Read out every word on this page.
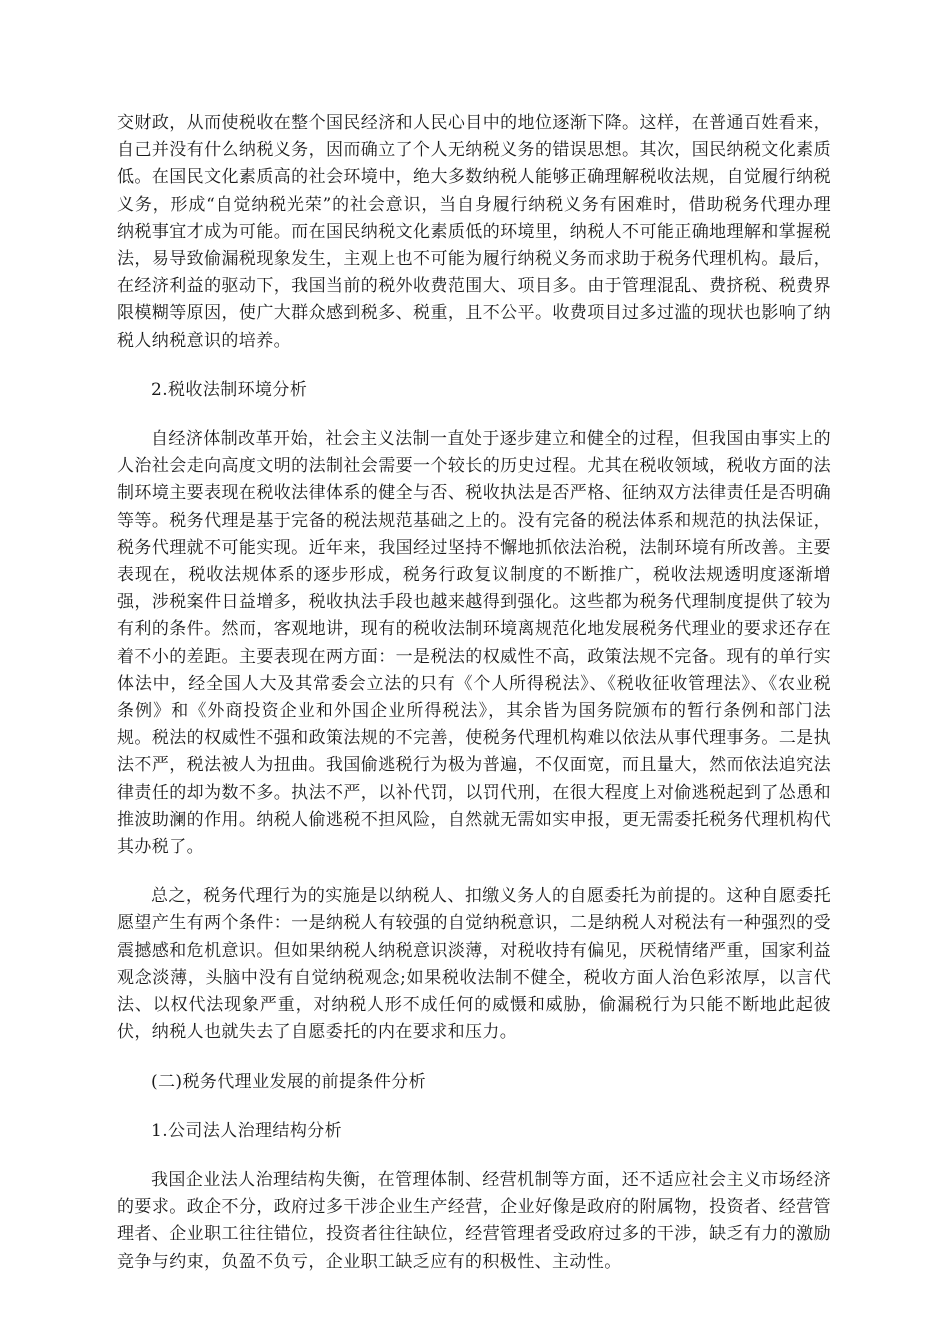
交财政，从而使税收在整个国民经济和人民心目中的地位逐渐下降。这样，在普通百姓看来，自己并没有什么纳税义务，因而确立了个人无纳税义务的错误思想。其次，国民纳税文化素质低。在国民文化素质高的社会环境中，绝大多数纳税人能够正确理解税收法规，自觉履行纳税义务，形成“自觉纳税光荣”的社会意识，当自身履行纳税义务有困难时，借助税务代理办理纳税事宜才成为可能。而在国民纳税文化素质低的环境里，纳税人不可能正确地理解和掌握税法，易导致偷漏税现象发生，主观上也不可能为履行纳税义务而求助于税务代理机构。最后，在经济利益的驱动下，我国当前的税外收费范围大、项目多。由于管理混乱、费挤税、税费界限模糊等原因，使广大群众感到税多、税重，且不公平。收费项目过多过滥的现状也影响了纳税人纳税意识的培养。

2.税收法制环境分析

自经济体制改革开始，社会主义法制一直处于逐步建立和健全的过程，但我国由事实上的人治社会走向高度文明的法制社会需要一个较长的历史过程。尤其在税收领域，税收方面的法制环境主要表现在税收法律体系的健全与否、税收执法是否严格、征纳双方法律责任是否明确等等。税务代理是基于完备的税法规范基础之上的。没有完备的税法体系和规范的执法保证，税务代理就不可能实现。近年来，我国经过坚持不懈地抓依法治税，法制环境有所改善。主要表现在，税收法规体系的逐步形成，税务行政复议制度的不断推广，税收法规透明度逐渐增强，涉税案件日益增多，税收执法手段也越来越得到强化。这些都为税务代理制度提供了较为有利的条件。然而，客观地讲，现有的税收法制环境离规范化地发展税务代理业的要求还存在着不小的差距。主要表现在两方面：一是税法的权威性不高，政策法规不完备。现有的单行实体法中，经全国人大及其常委会立法的只有《个人所得税法》、《税收征收管理法》、《农业税条例》和《外商投资企业和外国企业所得税法》，其余皆为国务院颁布的暂行条例和部门法规。税法的权威性不强和政策法规的不完善，使税务代理机构难以依法从事代理事务。二是执法不严，税法被人为扭曲。我国偷逃税行为极为普遍，不仅面宽，而且量大，然而依法追究法律责任的却为数不多。执法不严，以补代罚，以罚代刑，在很大程度上对偷逃税起到了怂恿和推波助澜的作用。纳税人偷逃税不担风险，自然就无需如实申报，更无需委托税务代理机构代其办税了。

总之，税务代理行为的实施是以纳税人、扣缴义务人的自愿委托为前提的。这种自愿委托愿望产生有两个条件：一是纳税人有较强的自觉纳税意识，二是纳税人对税法有一种强烈的受震撼感和危机意识。但如果纳税人纳税意识淡薄，对税收持有偏见，厌税情绪严重，国家利益观念淡薄，头脑中没有自觉纳税观念;如果税收法制不健全，税收方面人治色彩浓厚，以言代法、以权代法现象严重，对纳税人形不成任何的威慑和威胁，偷漏税行为只能不断地此起彼伏，纳税人也就失去了自愿委托的内在要求和压力。

(二)税务代理业发展的前提条件分析

1.公司法人治理结构分析

我国企业法人治理结构失衡，在管理体制、经营机制等方面，还不适应社会主义市场经济的要求。政企不分，政府过多干涉企业生产经营，企业好像是政府的附属物，投资者、经营管理者、企业职工往往错位，投资者往往缺位，经营管理者受政府过多的干涉，缺乏有力的激励竞争与约束，负盈不负亏，企业职工缺乏应有的积极性、主动性。
